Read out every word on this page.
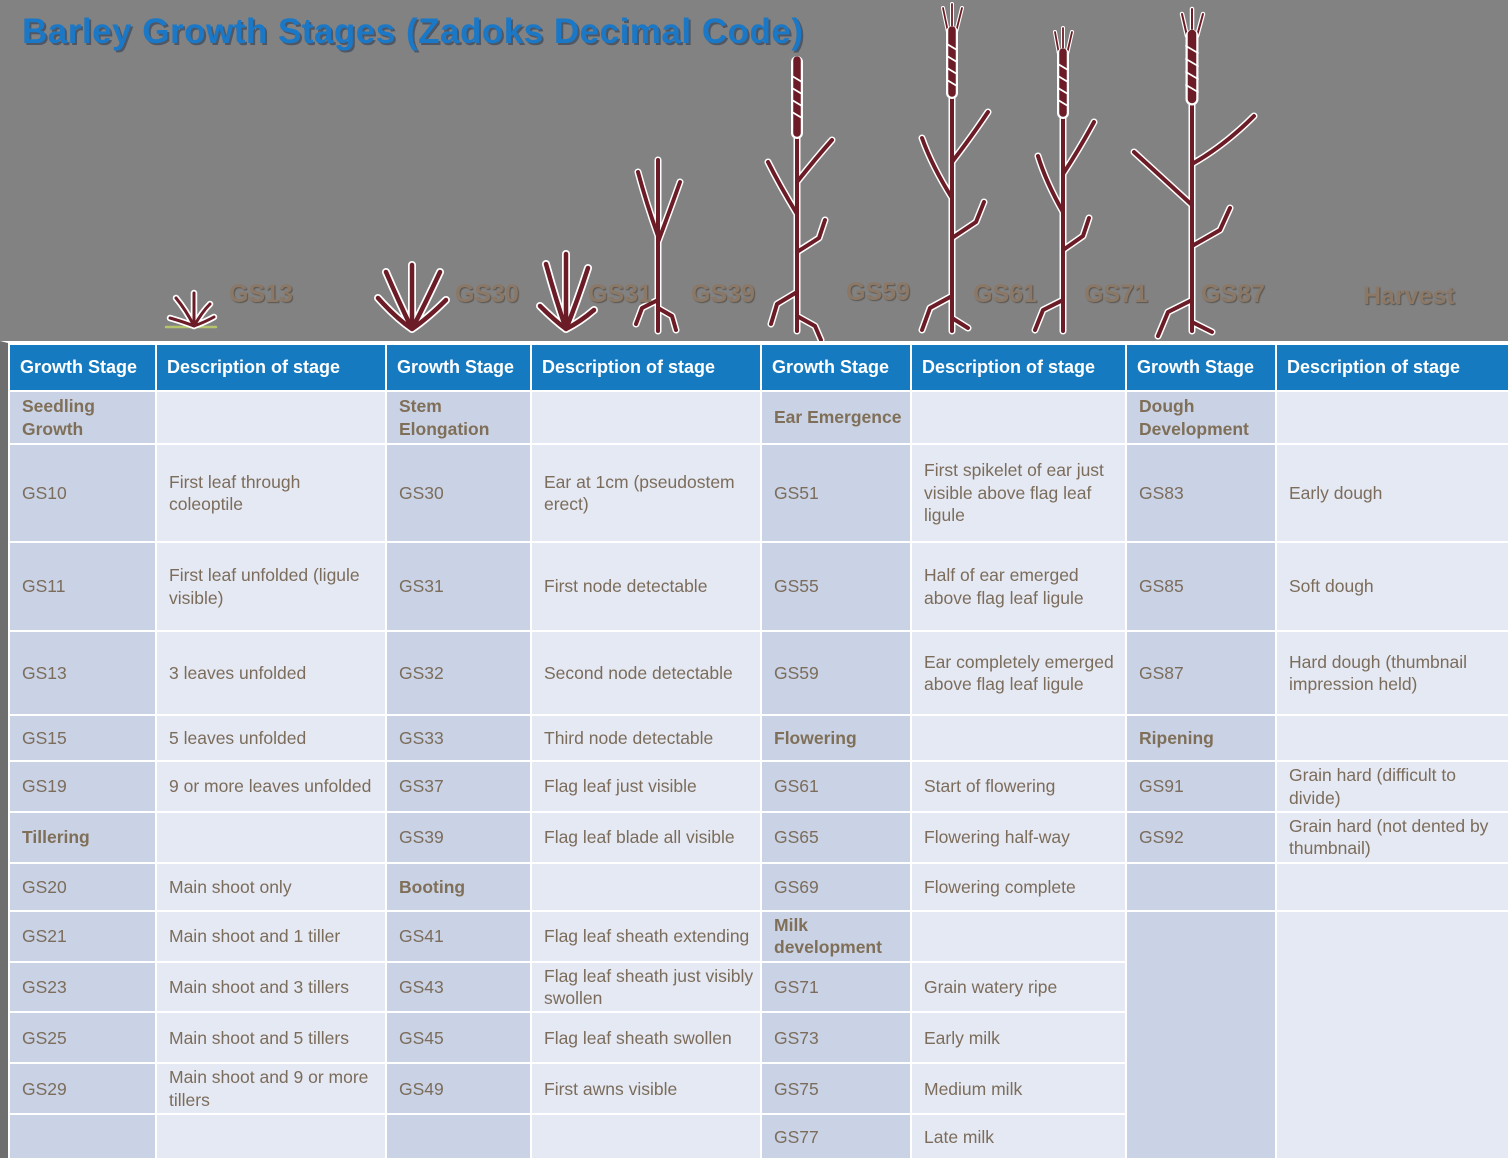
Barley Growth Stages (Zadoks Decimal Code)
GS13	GS30	GS31 GS39	GS59	GS61 GS71 GS87	Harvest
Growth Stage	Description of stage	Growth Stage	Description of stage	Growth Stage	Description of stage	Growth Stage	Description of stage
Seedling Growth		Stem Elongation		Ear Emergence		Dough Development	
GS10	First leaf through coleoptile	GS30	Ear at 1cm (pseudostem erect)	GS51	First spikelet of ear just visible above flag leaf ligule	GS83	Early dough
GS11	First leaf unfolded (ligule visible)	GS31	First node detectable	GS55	Half of ear emerged above flag leaf ligule	GS85	Soft dough
GS13	3 leaves unfolded	GS32	Second node detectable	GS59	Ear completely emerged above flag leaf ligule	GS87	Hard dough (thumbnail impression held)
GS15	5 leaves unfolded	GS33	Third node detectable	Flowering		Ripening	
GS19	9 or more leaves unfolded	GS37	Flag leaf just visible	GS61	Start of flowering	GS91	Grain hard (difficult to divide)
Tillering		GS39	Flag leaf blade all visible	GS65	Flowering half-way	GS92	Grain hard (not dented by thumbnail)
GS20	Main shoot only	Booting		GS69	Flowering complete		
GS21	Main shoot and 1 tiller	GS41	Flag leaf sheath extending	Milk development			
GS23	Main shoot and 3 tillers	GS43	Flag leaf sheath just visibly swollen	GS71	Grain watery ripe		
GS25	Main shoot and 5 tillers	GS45	Flag leaf sheath swollen	GS73	Early milk		
GS29	Main shoot and 9 or more tillers	GS49	First awns visible	GS75	Medium milk		
				GS77	Late milk		
